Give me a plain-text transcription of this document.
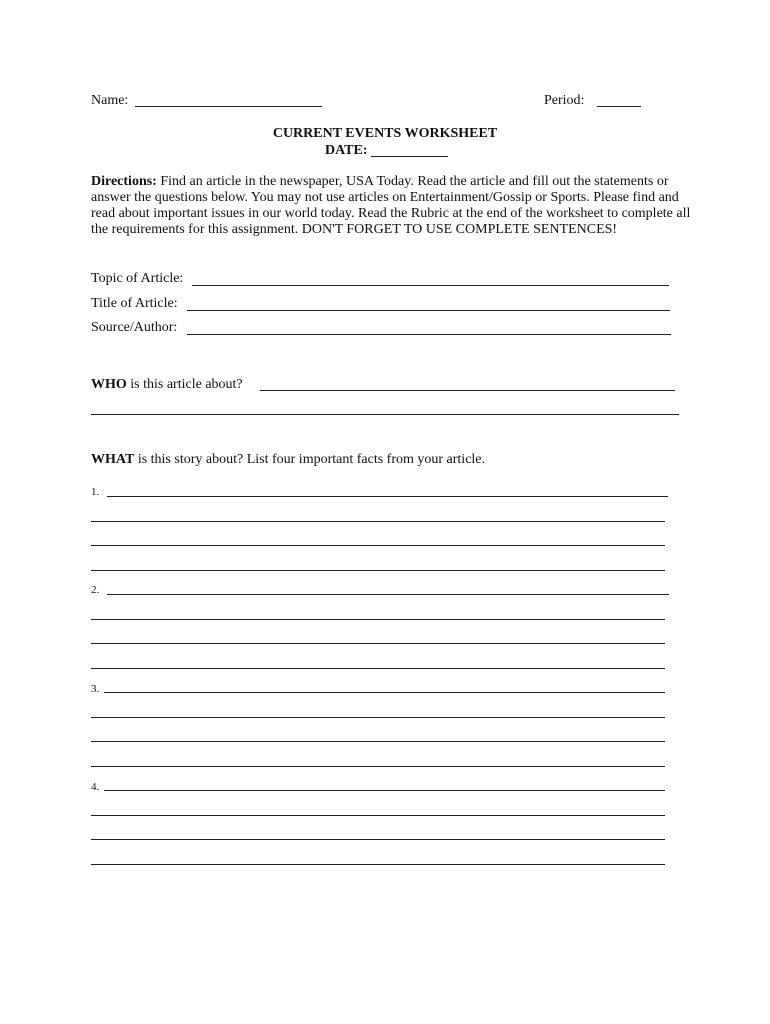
Name:	Period:
CURRENT EVENTS WORKSHEET
DATE:
Directions: Find an article in the newspaper, USA Today. Read the article and fill out the statements or answer the questions below. You may not use articles on Entertainment/Gossip or Sports. Please find and read about important issues in our world today. Read the Rubric at the end of the worksheet to complete all the requirements for this assignment. DON'T FORGET TO USE COMPLETE SENTENCES!
Topic of Article:
Title of Article:
Source/Author:
WHO is this article about?
WHAT is this story about? List four important facts from your article.
1.
2.
3.
4.
